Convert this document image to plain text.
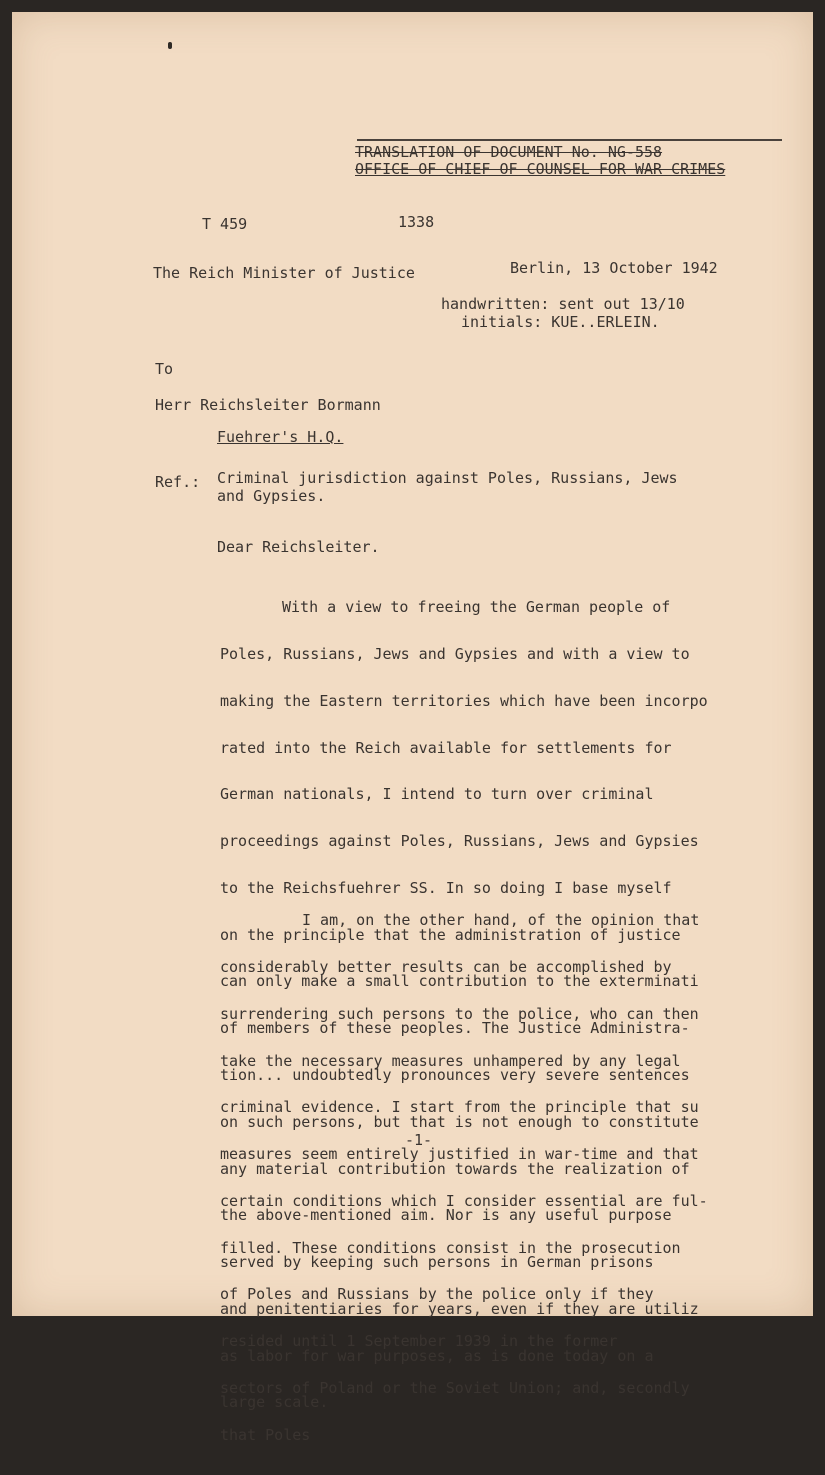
TRANSLATION OF DOCUMENT No. NG-558
OFFICE OF CHIEF OF COUNSEL FOR WAR CRIMES
T 459	1338
The Reich Minister of Justice	Berlin, 13 October 1942
handwritten: sent out 13/10
initials: KUE..ERLEIN.
To
Herr Reichsleiter Bormann
Fuehrer's H.Q.
Ref.: Criminal jurisdiction against Poles, Russians, Jews
and Gypsies.
Dear Reichsleiter.

With a view to freeing the German people of

Poles, Russians, Jews and Gypsies and with a view to

making the Eastern territories which have been incorpo

rated into the Reich available for settlements for

German nationals, I intend to turn over criminal

proceedings against Poles, Russians, Jews and Gypsies

to the Reichsfuehrer SS. In so doing I base myself

on the principle that the administration of justice

can only make a small contribution to the exterminati

of members of these peoples. The Justice Administra-

tion... undoubtedly pronounces very severe sentences

on such persons, but that is not enough to constitute

any material contribution towards the realization of

the above-mentioned aim. Nor is any useful purpose

served by keeping such persons in German prisons

and penitentiaries for years, even if they are utiliz

as labor for war purposes, as is done today on a

large scale.

I am, on the other hand, of the opinion that

considerably better results can be accomplished by

surrendering such persons to the police, who can then

take the necessary measures unhampered by any legal

criminal evidence. I start from the principle that su

measures seem entirely justified in war-time and that

certain conditions which I consider essential are ful-

filled. These conditions consist in the prosecution

of Poles and Russians by the police only if they

resided until 1 September 1939 in the former

sectors of Poland or the Soviet Union; and, secondly

that Poles

-1-
